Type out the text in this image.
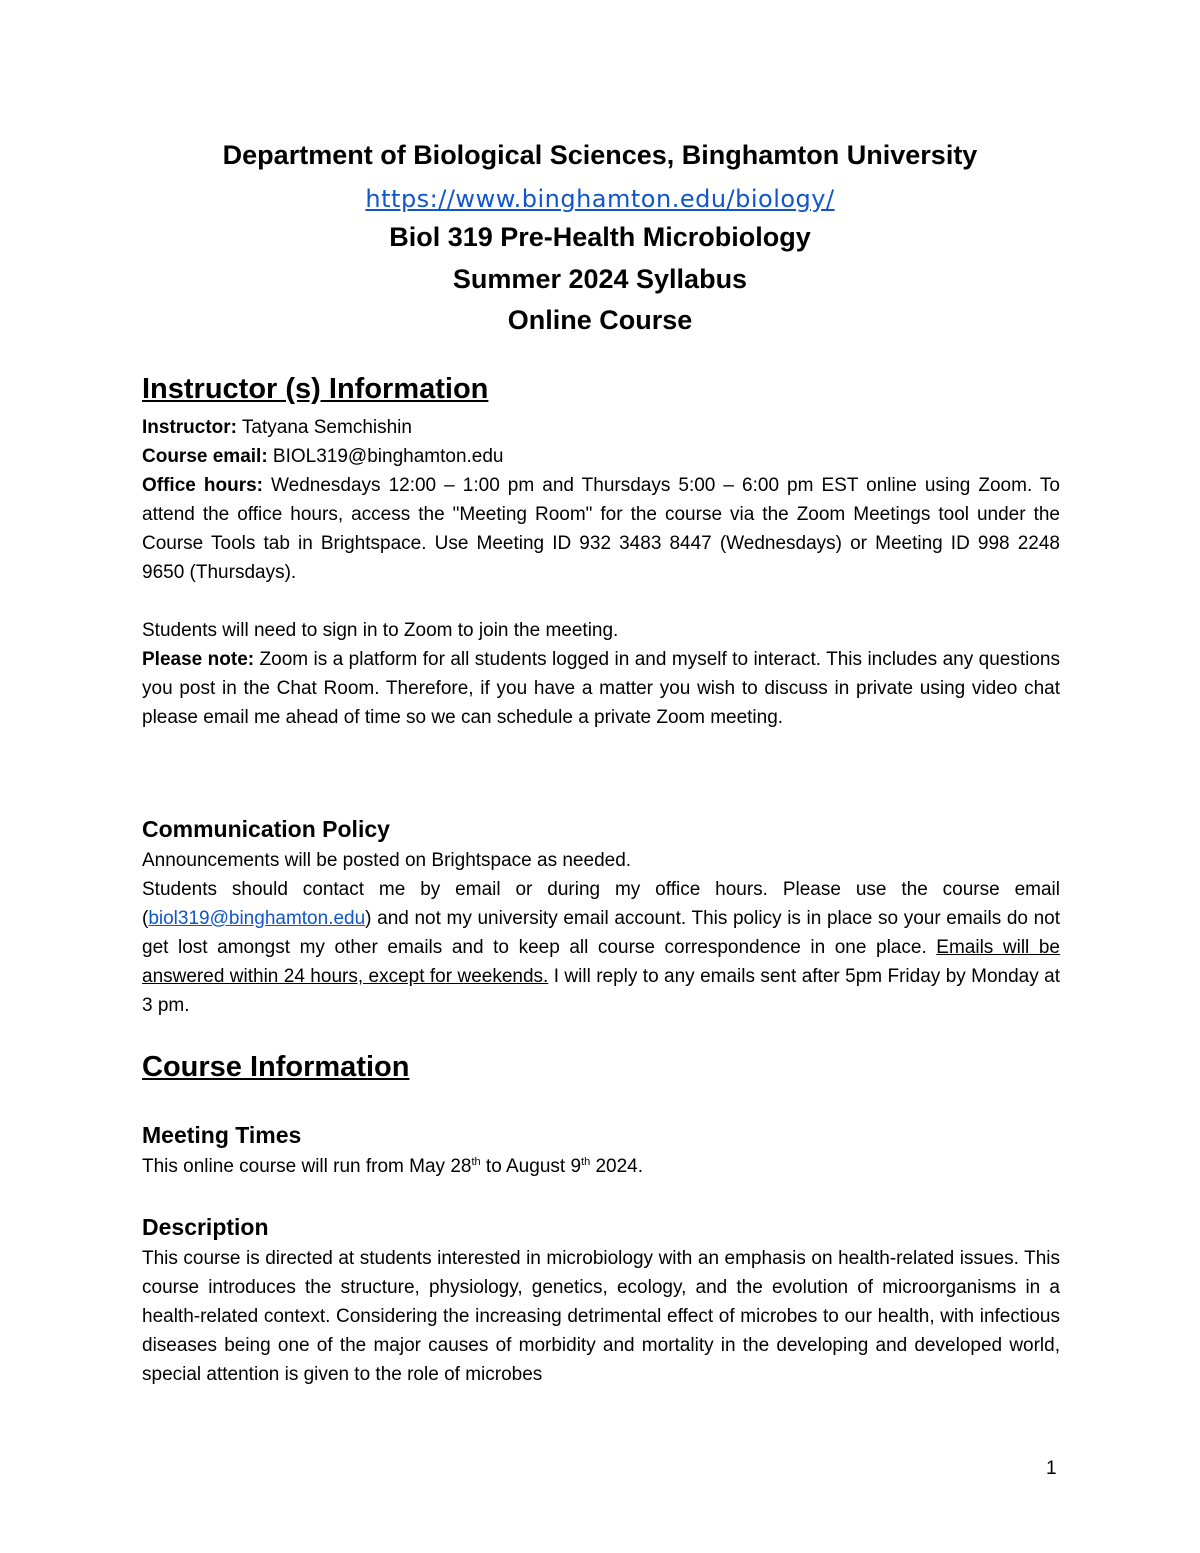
Department of Biological Sciences, Binghamton University

https://www.binghamton.edu/biology/

Biol 319 Pre-Health Microbiology

Summer 2024 Syllabus

Online Course

Instructor (s) Information

Instructor: Tatyana Semchishin

Course email: BIOL319@binghamton.edu

Office hours: Wednesdays 12:00 – 1:00 pm and Thursdays 5:00 – 6:00 pm EST online using Zoom. To attend the office hours, access the "Meeting Room" for the course via the Zoom Meetings tool under the Course Tools tab in Brightspace. Use Meeting ID 932 3483 8447 (Wednesdays) or Meeting ID 998 2248 9650 (Thursdays).

Students will need to sign in to Zoom to join the meeting.

Please note: Zoom is a platform for all students logged in and myself to interact. This includes any questions you post in the Chat Room. Therefore, if you have a matter you wish to discuss in private using video chat please email me ahead of time so we can schedule a private Zoom meeting.

Communication Policy

Announcements will be posted on Brightspace as needed.

Students should contact me by email or during my office hours. Please use the course email (biol319@binghamton.edu) and not my university email account. This policy is in place so your emails do not get lost amongst my other emails and to keep all course correspondence in one place. Emails will be answered within 24 hours, except for weekends. I will reply to any emails sent after 5pm Friday by Monday at 3 pm.

Course Information

Meeting Times

This online course will run from May 28th to August 9th 2024.

Description

This course is directed at students interested in microbiology with an emphasis on health-related issues. This course introduces the structure, physiology, genetics, ecology, and the evolution of microorganisms in a health-related context. Considering the increasing detrimental effect of microbes to our health, with infectious diseases being one of the major causes of morbidity and mortality in the developing and developed world, special attention is given to the role of microbes

1
